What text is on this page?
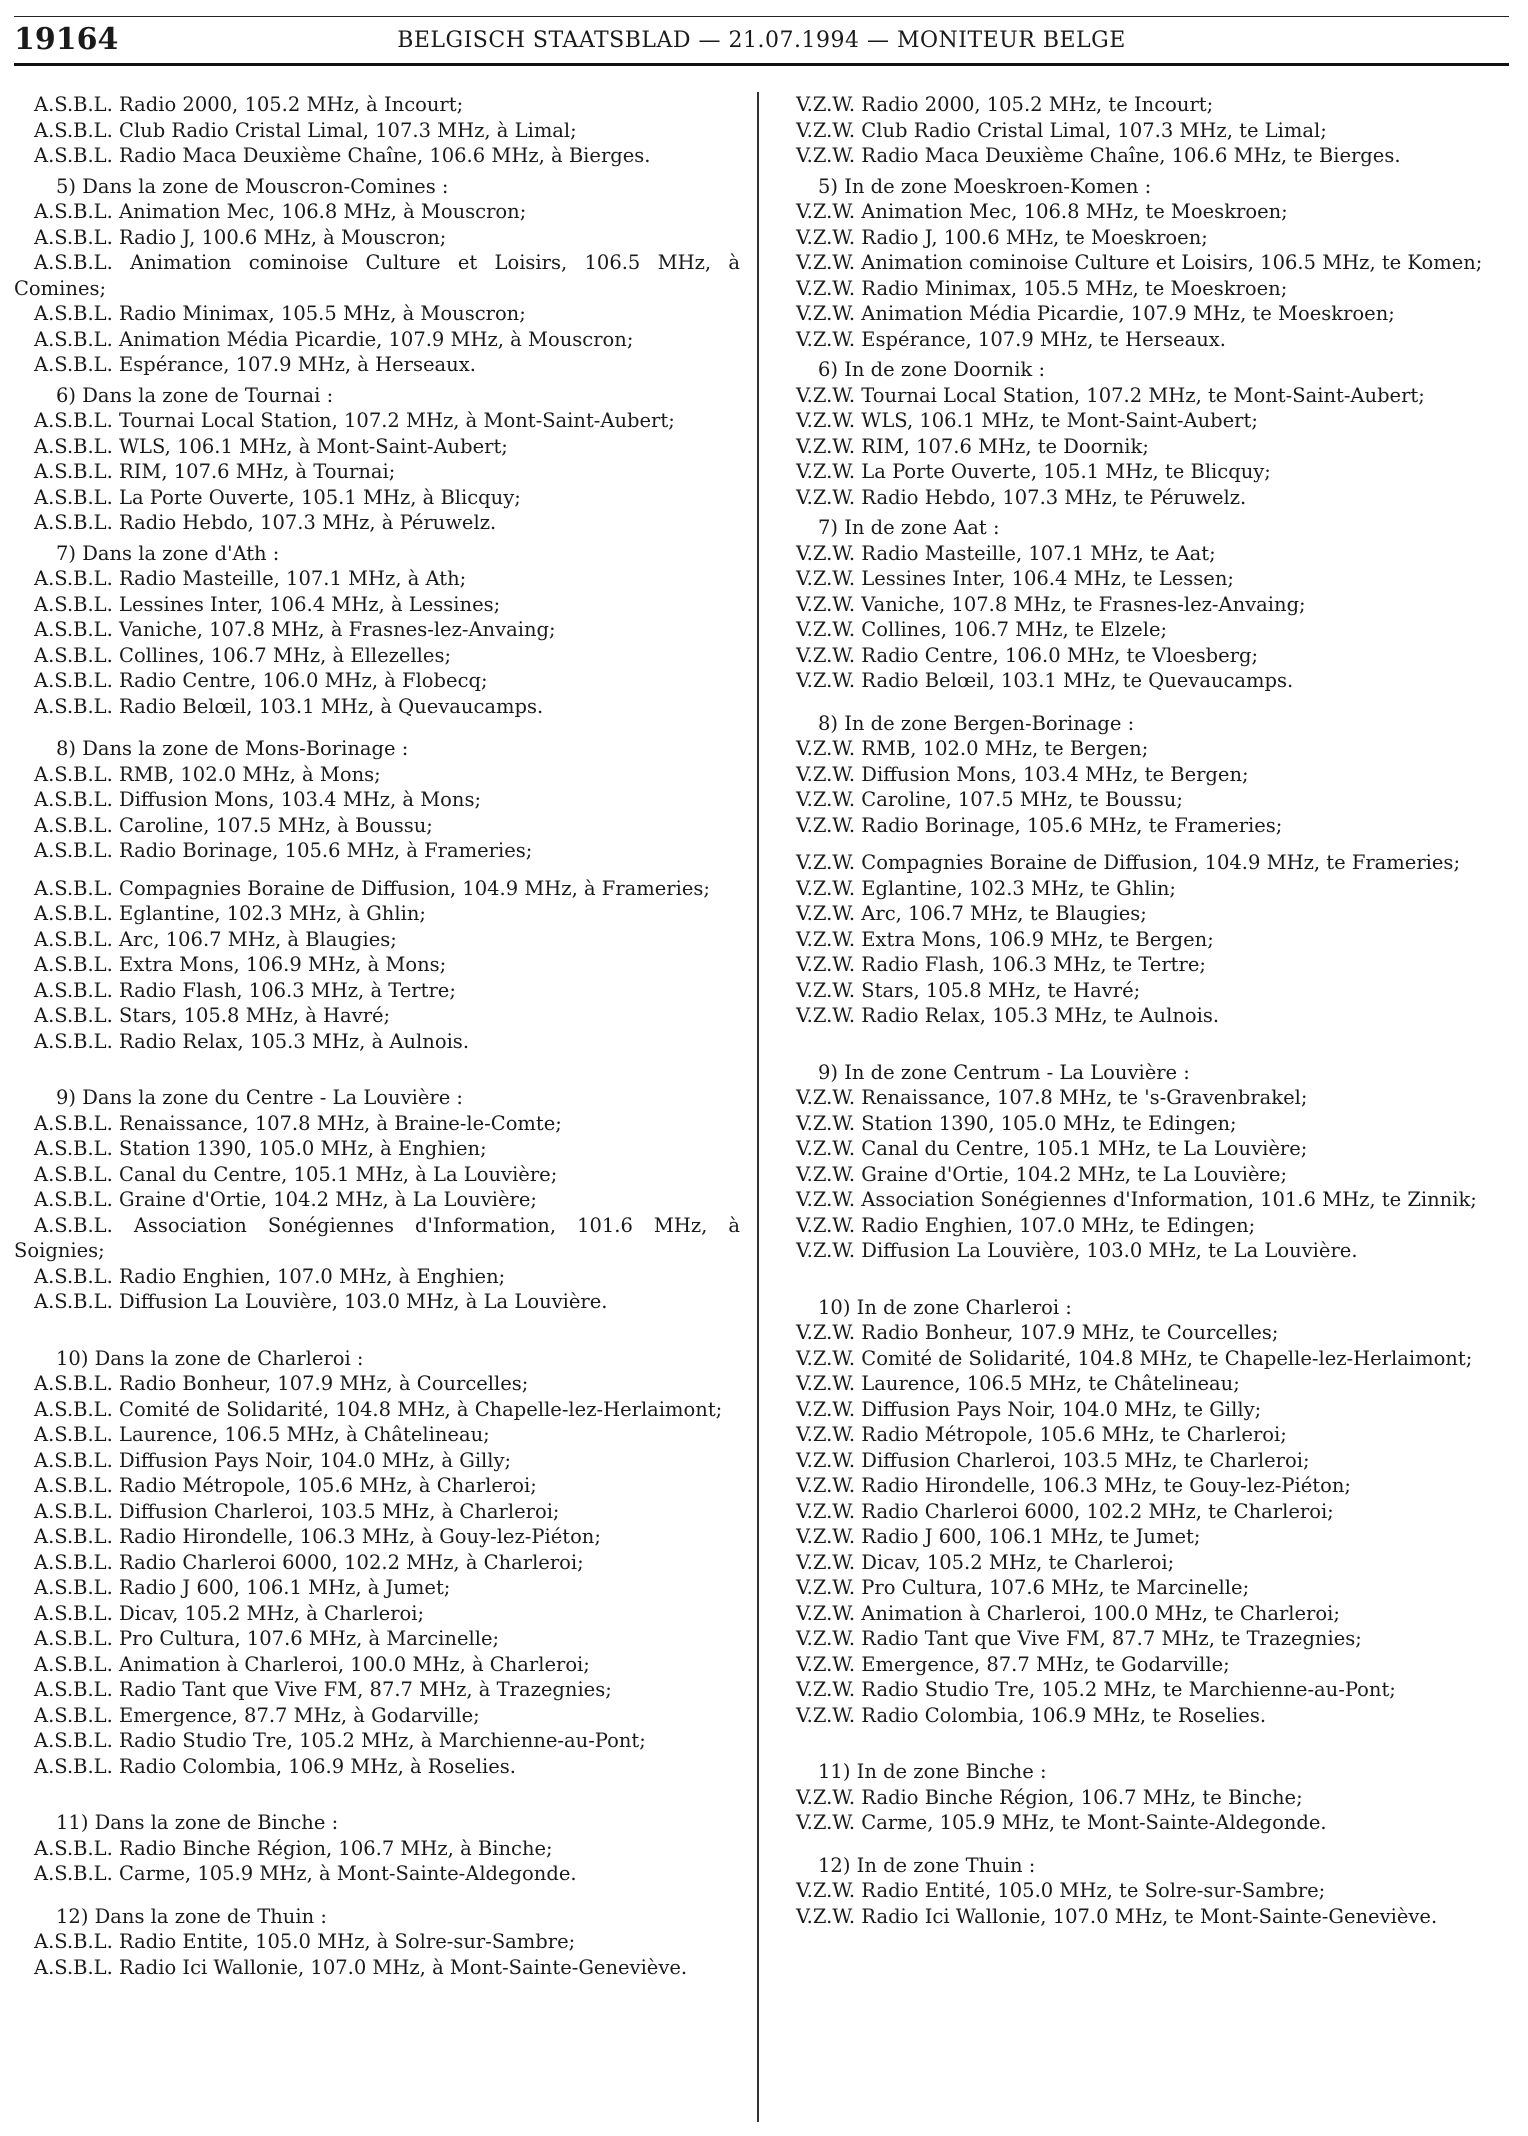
19164	BELGISCH STAATSBLAD — 21.07.1994 — MONITEUR BELGE
A.S.B.L. Radio 2000, 105.2 MHz, à Incourt;
A.S.B.L. Club Radio Cristal Limal, 107.3 MHz, à Limal;
A.S.B.L. Radio Maca Deuxième Chaîne, 106.6 MHz, à Bierges.
5) Dans la zone de Mouscron-Comines :
A.S.B.L. Animation Mec, 106.8 MHz, à Mouscron;
A.S.B.L. Radio J, 100.6 MHz, à Mouscron;
A.S.B.L. Animation cominoise Culture et Loisirs, 106.5 MHz, à Comines;
A.S.B.L. Radio Minimax, 105.5 MHz, à Mouscron;
A.S.B.L. Animation Média Picardie, 107.9 MHz, à Mouscron;
A.S.B.L. Espérance, 107.9 MHz, à Herseaux.
6) Dans la zone de Tournai :
A.S.B.L. Tournai Local Station, 107.2 MHz, à Mont-Saint-Aubert;
A.S.B.L. WLS, 106.1 MHz, à Mont-Saint-Aubert;
A.S.B.L. RIM, 107.6 MHz, à Tournai;
A.S.B.L. La Porte Ouverte, 105.1 MHz, à Blicquy;
A.S.B.L. Radio Hebdo, 107.3 MHz, à Péruwelz.
7) Dans la zone d'Ath :
A.S.B.L. Radio Masteille, 107.1 MHz, à Ath;
A.S.B.L. Lessines Inter, 106.4 MHz, à Lessines;
A.S.B.L. Vaniche, 107.8 MHz, à Frasnes-lez-Anvaing;
A.S.B.L. Collines, 106.7 MHz, à Ellezelles;
A.S.B.L. Radio Centre, 106.0 MHz, à Flobecq;
A.S.B.L. Radio Belœil, 103.1 MHz, à Quevaucamps.
8) Dans la zone de Mons-Borinage :
A.S.B.L. RMB, 102.0 MHz, à Mons;
A.S.B.L. Diffusion Mons, 103.4 MHz, à Mons;
A.S.B.L. Caroline, 107.5 MHz, à Boussu;
A.S.B.L. Radio Borinage, 105.6 MHz, à Frameries;
A.S.B.L. Compagnies Boraine de Diffusion, 104.9 MHz, à Frameries;
A.S.B.L. Eglantine, 102.3 MHz, à Ghlin;
A.S.B.L. Arc, 106.7 MHz, à Blaugies;
A.S.B.L. Extra Mons, 106.9 MHz, à Mons;
A.S.B.L. Radio Flash, 106.3 MHz, à Tertre;
A.S.B.L. Stars, 105.8 MHz, à Havré;
A.S.B.L. Radio Relax, 105.3 MHz, à Aulnois.
9) Dans la zone du Centre - La Louvière :
A.S.B.L. Renaissance, 107.8 MHz, à Braine-le-Comte;
A.S.B.L. Station 1390, 105.0 MHz, à Enghien;
A.S.B.L. Canal du Centre, 105.1 MHz, à La Louvière;
A.S.B.L. Graine d'Ortie, 104.2 MHz, à La Louvière;
A.S.B.L. Association Sonégiennes d'Information, 101.6 MHz, à Soignies;
A.S.B.L. Radio Enghien, 107.0 MHz, à Enghien;
A.S.B.L. Diffusion La Louvière, 103.0 MHz, à La Louvière.
10) Dans la zone de Charleroi :
A.S.B.L. Radio Bonheur, 107.9 MHz, à Courcelles;
A.S.B.L. Comité de Solidarité, 104.8 MHz, à Chapelle-lez-Herlaimont;
A.S.B.L. Laurence, 106.5 MHz, à Châtelineau;
A.S.B.L. Diffusion Pays Noir, 104.0 MHz, à Gilly;
A.S.B.L. Radio Métropole, 105.6 MHz, à Charleroi;
A.S.B.L. Diffusion Charleroi, 103.5 MHz, à Charleroi;
A.S.B.L. Radio Hirondelle, 106.3 MHz, à Gouy-lez-Piéton;
A.S.B.L. Radio Charleroi 6000, 102.2 MHz, à Charleroi;
A.S.B.L. Radio J 600, 106.1 MHz, à Jumet;
A.S.B.L. Dicav, 105.2 MHz, à Charleroi;
A.S.B.L. Pro Cultura, 107.6 MHz, à Marcinelle;
A.S.B.L. Animation à Charleroi, 100.0 MHz, à Charleroi;
A.S.B.L. Radio Tant que Vive FM, 87.7 MHz, à Trazegnies;
A.S.B.L. Emergence, 87.7 MHz, à Godarville;
A.S.B.L. Radio Studio Tre, 105.2 MHz, à Marchienne-au-Pont;
A.S.B.L. Radio Colombia, 106.9 MHz, à Roselies.
11) Dans la zone de Binche :
A.S.B.L. Radio Binche Région, 106.7 MHz, à Binche;
A.S.B.L. Carme, 105.9 MHz, à Mont-Sainte-Aldegonde.
12) Dans la zone de Thuin :
A.S.B.L. Radio Entite, 105.0 MHz, à Solre-sur-Sambre;
A.S.B.L. Radio Ici Wallonie, 107.0 MHz, à Mont-Sainte-Geneviève.
V.Z.W. Radio 2000, 105.2 MHz, te Incourt;
V.Z.W. Club Radio Cristal Limal, 107.3 MHz, te Limal;
V.Z.W. Radio Maca Deuxième Chaîne, 106.6 MHz, te Bierges.
5) In de zone Moeskroen-Komen :
V.Z.W. Animation Mec, 106.8 MHz, te Moeskroen;
V.Z.W. Radio J, 100.6 MHz, te Moeskroen;
V.Z.W. Animation cominoise Culture et Loisirs, 106.5 MHz, te Komen;
V.Z.W. Radio Minimax, 105.5 MHz, te Moeskroen;
V.Z.W. Animation Média Picardie, 107.9 MHz, te Moeskroen;
V.Z.W. Espérance, 107.9 MHz, te Herseaux.
6) In de zone Doornik :
V.Z.W. Tournai Local Station, 107.2 MHz, te Mont-Saint-Aubert;
V.Z.W. WLS, 106.1 MHz, te Mont-Saint-Aubert;
V.Z.W. RIM, 107.6 MHz, te Doornik;
V.Z.W. La Porte Ouverte, 105.1 MHz, te Blicquy;
V.Z.W. Radio Hebdo, 107.3 MHz, te Péruwelz.
7) In de zone Aat :
V.Z.W. Radio Masteille, 107.1 MHz, te Aat;
V.Z.W. Lessines Inter, 106.4 MHz, te Lessen;
V.Z.W. Vaniche, 107.8 MHz, te Frasnes-lez-Anvaing;
V.Z.W. Collines, 106.7 MHz, te Elzele;
V.Z.W. Radio Centre, 106.0 MHz, te Vloesberg;
V.Z.W. Radio Belœil, 103.1 MHz, te Quevaucamps.
8) In de zone Bergen-Borinage :
V.Z.W. RMB, 102.0 MHz, te Bergen;
V.Z.W. Diffusion Mons, 103.4 MHz, te Bergen;
V.Z.W. Caroline, 107.5 MHz, te Boussu;
V.Z.W. Radio Borinage, 105.6 MHz, te Frameries;
V.Z.W. Compagnies Boraine de Diffusion, 104.9 MHz, te Frameries;
V.Z.W. Eglantine, 102.3 MHz, te Ghlin;
V.Z.W. Arc, 106.7 MHz, te Blaugies;
V.Z.W. Extra Mons, 106.9 MHz, te Bergen;
V.Z.W. Radio Flash, 106.3 MHz, te Tertre;
V.Z.W. Stars, 105.8 MHz, te Havré;
V.Z.W. Radio Relax, 105.3 MHz, te Aulnois.
9) In de zone Centrum - La Louvière :
V.Z.W. Renaissance, 107.8 MHz, te 's-Gravenbrakel;
V.Z.W. Station 1390, 105.0 MHz, te Edingen;
V.Z.W. Canal du Centre, 105.1 MHz, te La Louvière;
V.Z.W. Graine d'Ortie, 104.2 MHz, te La Louvière;
V.Z.W. Association Sonégiennes d'Information, 101.6 MHz, te Zinnik;
V.Z.W. Radio Enghien, 107.0 MHz, te Edingen;
V.Z.W. Diffusion La Louvière, 103.0 MHz, te La Louvière.
10) In de zone Charleroi :
V.Z.W. Radio Bonheur, 107.9 MHz, te Courcelles;
V.Z.W. Comité de Solidarité, 104.8 MHz, te Chapelle-lez-Herlaimont;
V.Z.W. Laurence, 106.5 MHz, te Châtelineau;
V.Z.W. Diffusion Pays Noir, 104.0 MHz, te Gilly;
V.Z.W. Radio Métropole, 105.6 MHz, te Charleroi;
V.Z.W. Diffusion Charleroi, 103.5 MHz, te Charleroi;
V.Z.W. Radio Hirondelle, 106.3 MHz, te Gouy-lez-Piéton;
V.Z.W. Radio Charleroi 6000, 102.2 MHz, te Charleroi;
V.Z.W. Radio J 600, 106.1 MHz, te Jumet;
V.Z.W. Dicav, 105.2 MHz, te Charleroi;
V.Z.W. Pro Cultura, 107.6 MHz, te Marcinelle;
V.Z.W. Animation à Charleroi, 100.0 MHz, te Charleroi;
V.Z.W. Radio Tant que Vive FM, 87.7 MHz, te Trazegnies;
V.Z.W. Emergence, 87.7 MHz, te Godarville;
V.Z.W. Radio Studio Tre, 105.2 MHz, te Marchienne-au-Pont;
V.Z.W. Radio Colombia, 106.9 MHz, te Roselies.
11) In de zone Binche :
V.Z.W. Radio Binche Région, 106.7 MHz, te Binche;
V.Z.W. Carme, 105.9 MHz, te Mont-Sainte-Aldegonde.
12) In de zone Thuin :
V.Z.W. Radio Entité, 105.0 MHz, te Solre-sur-Sambre;
V.Z.W. Radio Ici Wallonie, 107.0 MHz, te Mont-Sainte-Geneviève.
